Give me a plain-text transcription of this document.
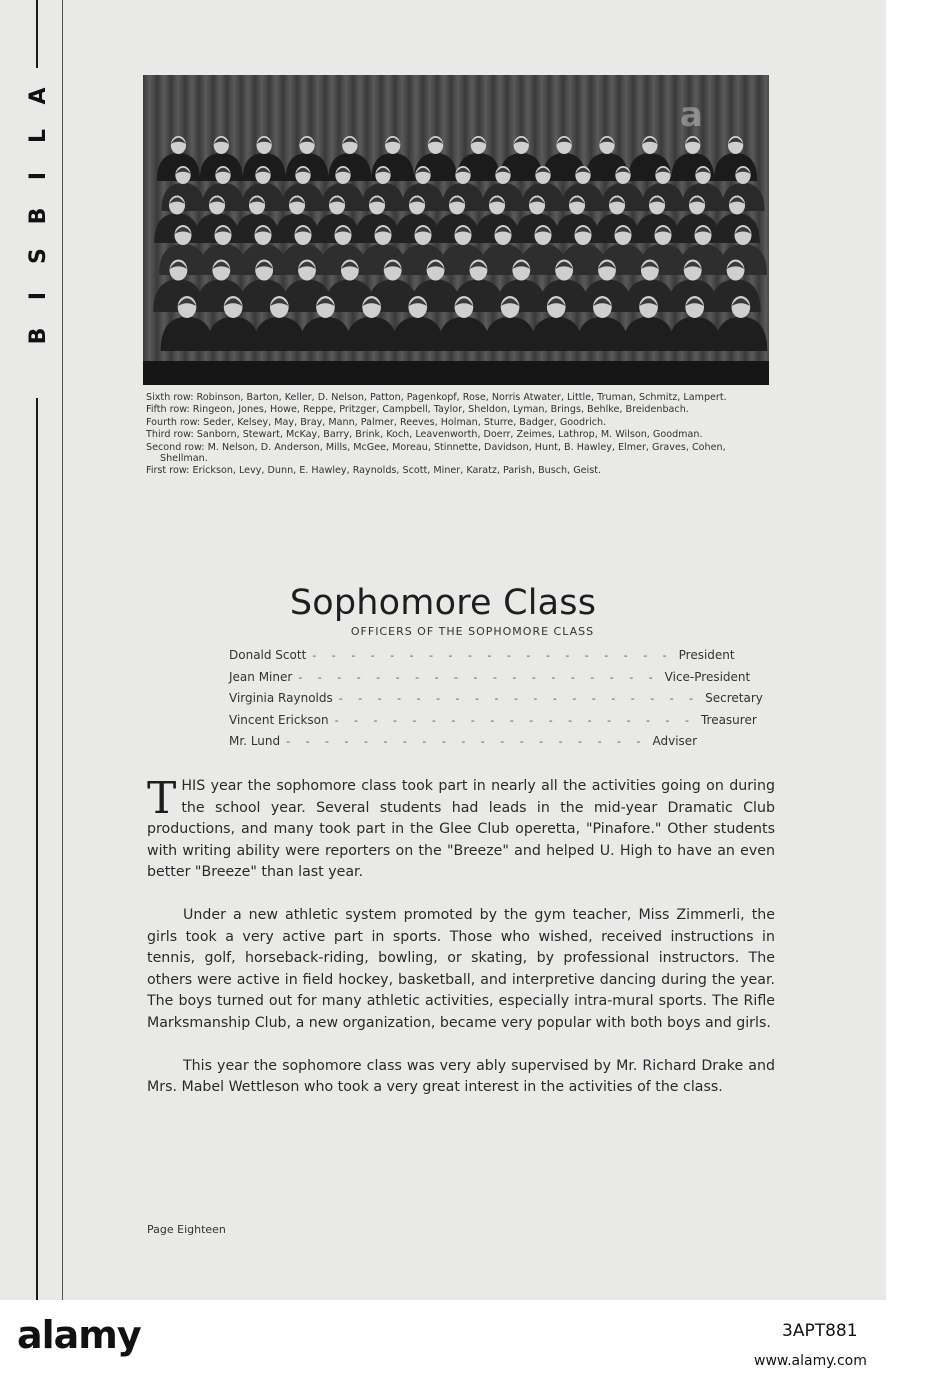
A
L
I
B
S
I
B
Sixth row: Robinson, Barton, Keller, D. Nelson, Patton, Pagenkopf, Rose, Norris Atwater, Little, Truman, Schmitz, Lampert.
Fifth row: Ringeon, Jones, Howe, Reppe, Pritzger, Campbell, Taylor, Sheldon, Lyman, Brings, Behlke, Breidenbach.
Fourth row: Seder, Kelsey, May, Bray, Mann, Palmer, Reeves, Holman, Sturre, Badger, Goodrich.
Third row: Sanborn, Stewart, McKay, Barry, Brink, Koch, Leavenworth, Doerr, Zeimes, Lathrop, M. Wilson, Goodman.
Second row: M. Nelson, D. Anderson, Mills, McGee, Moreau, Stinnette, Davidson, Hunt, B. Hawley, Elmer, Graves, Cohen, Shellman.
First row: Erickson, Levy, Dunn, E. Hawley, Raynolds, Scott, Miner, Karatz, Parish, Busch, Geist.
Sophomore Class
OFFICERS OF THE SOPHOMORE CLASS
Donald Scott - - - - - - - - - - - - - - - - - - - President
Jean Miner - - - - - - - - - - - - - - - - - - - Vice-President
Virginia Raynolds - - - - - - - - - - - - - - - - - - - Secretary
Vincent Erickson - - - - - - - - - - - - - - - - - - - Treasurer
Mr. Lund - - - - - - - - - - - - - - - - - - - Adviser

THIS year the sophomore class took part in nearly all the activities going on during the school year. Several students had leads in the mid-year Dramatic Club productions, and many took part in the Glee Club operetta, "Pinafore." Other students with writing ability were reporters on the "Breeze" and helped U. High to have an even better "Breeze" than last year.

Under a new athletic system promoted by the gym teacher, Miss Zimmerli, the girls took a very active part in sports. Those who wished, received instructions in tennis, golf, horseback-riding, bowling, or skating, by professional instructors. The others were active in field hockey, basketball, and interpretive dancing during the year. The boys turned out for many athletic activities, especially intra-mural sports. The Rifle Marksmanship Club, a new organization, became very popular with both boys and girls.

This year the sophomore class was very ably supervised by Mr. Richard Drake and Mrs. Mabel Wettleson who took a very great interest in the activities of the class.

Page Eighteen
a
alamy	3APT881
www.alamy.com
